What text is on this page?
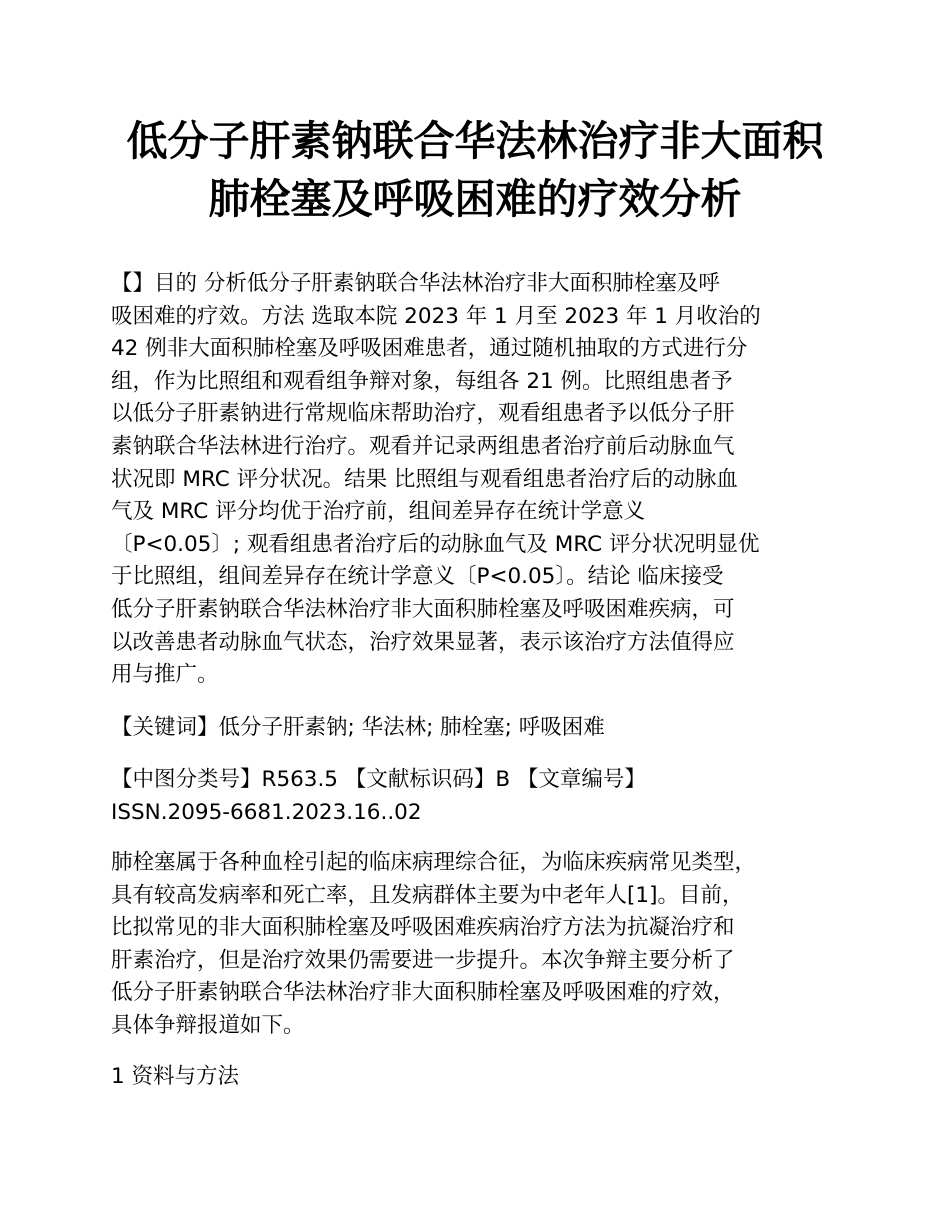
低分子肝素钠联合华法林治疗非大面积
肺栓塞及呼吸困难的疗效分析
【】目的 分析低分子肝素钠联合华法林治疗非大面积肺栓塞及呼
吸困难的疗效。方法 选取本院 2023 年 1 月至 2023 年 1 月收治的
42 例非大面积肺栓塞及呼吸困难患者，通过随机抽取的方式进行分
组，作为比照组和观看组争辩对象，每组各 21 例。比照组患者予
以低分子肝素钠进行常规临床帮助治疗，观看组患者予以低分子肝
素钠联合华法林进行治疗。观看并记录两组患者治疗前后动脉血气
状况即 MRC 评分状况。结果 比照组与观看组患者治疗后的动脉血
气及 MRC 评分均优于治疗前，组间差异存在统计学意义
〔P<0.05〕; 观看组患者治疗后的动脉血气及 MRC 评分状况明显优
于比照组，组间差异存在统计学意义〔P<0.05〕。结论 临床接受
低分子肝素钠联合华法林治疗非大面积肺栓塞及呼吸困难疾病，可
以改善患者动脉血气状态，治疗效果显著，表示该治疗方法值得应
用与推广。
【关键词】低分子肝素钠; 华法林; 肺栓塞; 呼吸困难
【中图分类号】R563.5 【文献标识码】B 【文章编号】
ISSN.2095-6681.2023.16..02
肺栓塞属于各种血栓引起的临床病理综合征，为临床疾病常见类型，
具有较高发病率和死亡率，且发病群体主要为中老年人[1]。目前，
比拟常见的非大面积肺栓塞及呼吸困难疾病治疗方法为抗凝治疗和
肝素治疗，但是治疗效果仍需要进一步提升。本次争辩主要分析了
低分子肝素钠联合华法林治疗非大面积肺栓塞及呼吸困难的疗效，
具体争辩报道如下。
1 资料与方法
